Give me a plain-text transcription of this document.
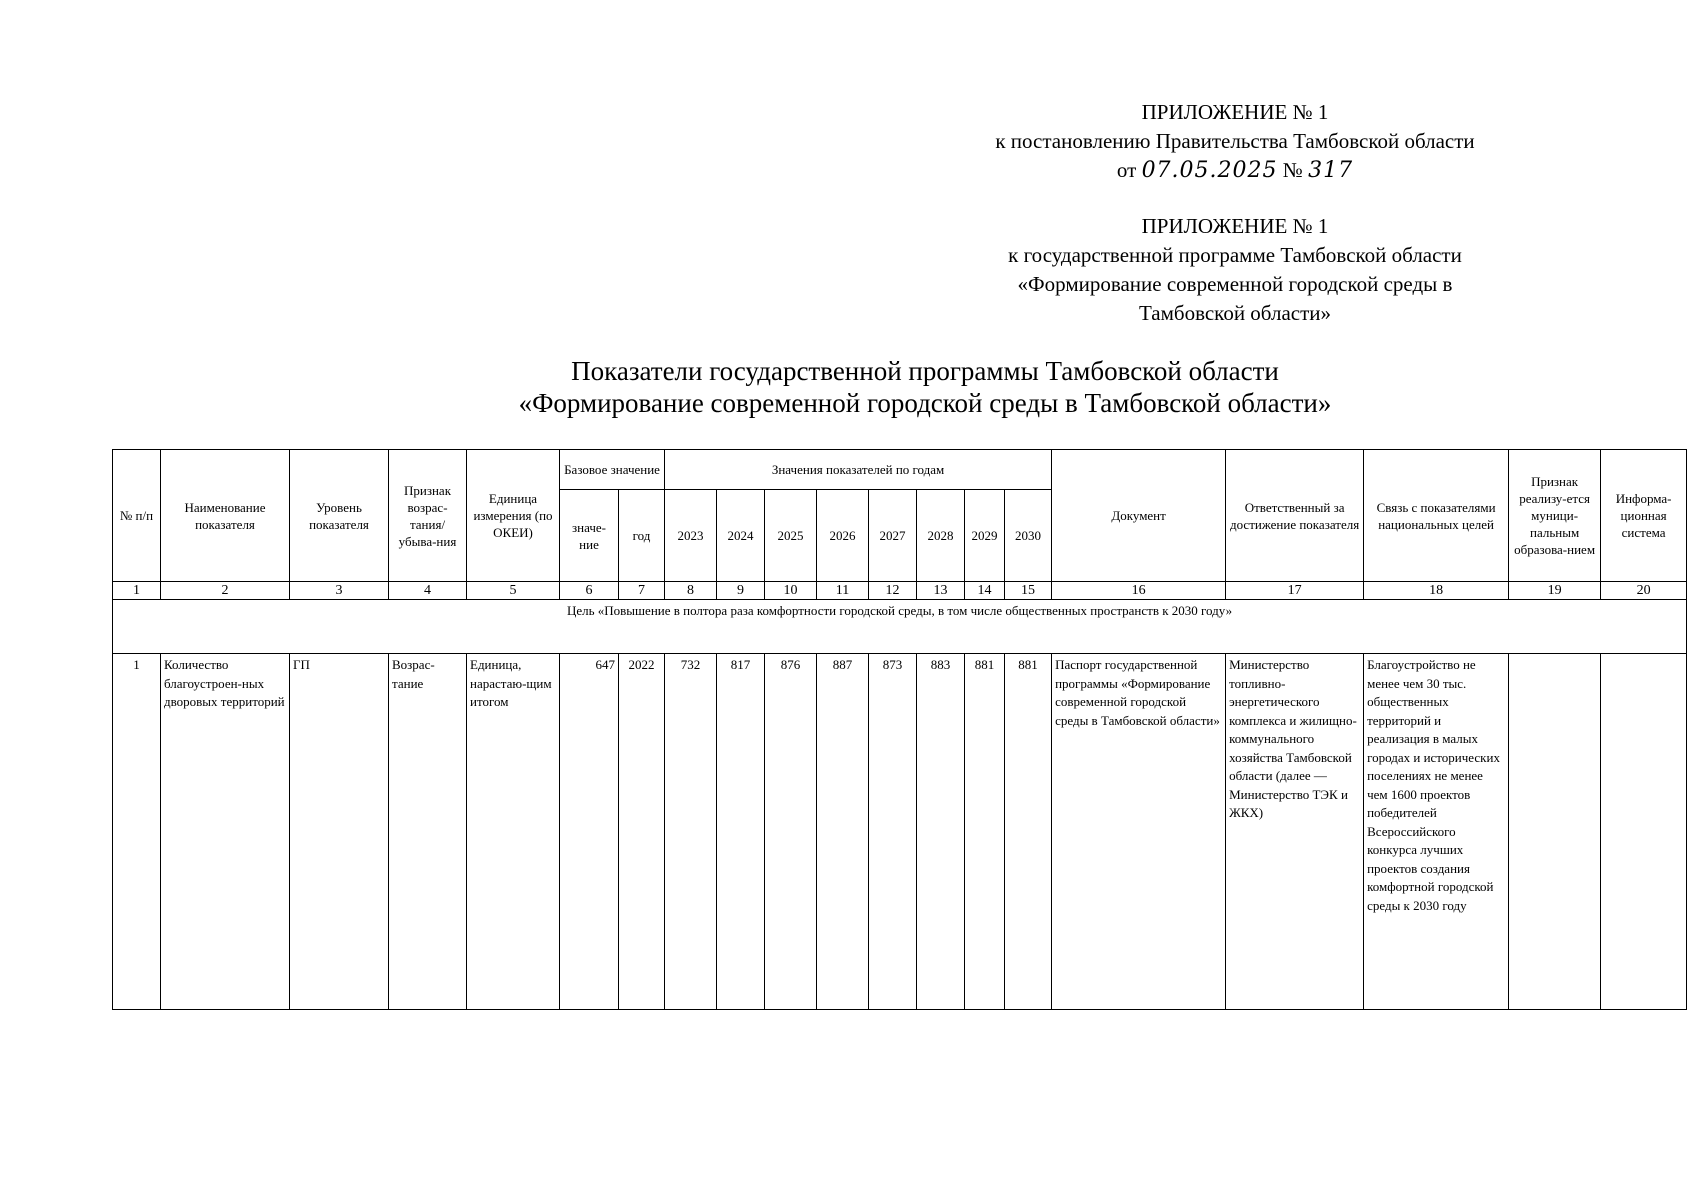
ПРИЛОЖЕНИЕ № 1
к постановлению Правительства Тамбовской области
от 07.05.2025 № 317
ПРИЛОЖЕНИЕ № 1
к государственной программе Тамбовской области
«Формирование современной городской среды в
Тамбовской области»
Показатели государственной программы Тамбовской области
«Формирование современной городской среды в Тамбовской области»
№ п/п	Наименование показателя	Уровень показателя	Признак возрас-тания/ убыва-ния	Единица измерения (по ОКЕИ)	Базовое значение		Значения показателей по годам								Документ	Ответственный за достижение показателя	Связь с показателями национальных целей	Признак реализу-ется муници-пальным образова-нием	Информа-ционная система
					значе-ние	год	2023	2024	2025	2026	2027	2028	2029	2030					
1	2	3	4	5	6	7	8	9	10	11	12	13	14	15	16	17	18	19	20
Цель «Повышение в полтора раза комфортности городской среды, в том числе общественных пространств к 2030 году»																			
1	Количество благоустроен-ных дворовых территорий	ГП	Возрас-тание	Единица, нарастаю-щим итогом	647	2022	732	817	876	887	873	883	881	881	Паспорт государственной программы «Формирование современной городской среды в Тамбовской области»	Министерство топливно-энергетического комплекса и жилищно-коммунального хозяйства Тамбовской области (далее — Министерство ТЭК и ЖКХ)	Благоустройство не менее чем 30 тыс. общественных территорий и реализация в малых городах и исторических поселениях не менее чем 1600 проектов победителей Всероссийского конкурса лучших проектов создания комфортной городской среды к 2030 году		
